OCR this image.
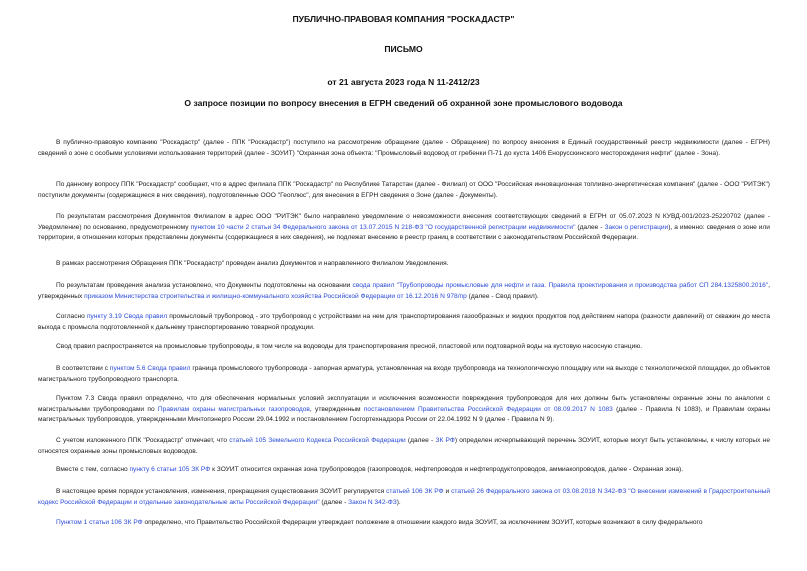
ПУБЛИЧНО-ПРАВОВАЯ КОМПАНИЯ "РОСКАДАСТР"
ПИСЬМО
от 21 августа 2023 года N 11-2412/23
О запросе позиции по вопросу внесения в ЕГРН сведений об охранной зоне промыслового водовода

В публично-правовую компанию "Роскадастр" (далее - ППК "Роскадастр") поступило на рассмотрение обращение (далее - Обращение) по вопросу внесения в Единый государственный реестр недвижимости (далее - ЕГРН) сведений о зоне с особыми условиями использования территорий (далее - ЗОУИТ) "Охранная зона объекта: "Промысловый водовод от гребенки П-71 до куста 1406 Енорусскинского месторождения нефти" (далее - Зона).

По данному вопросу ППК "Роскадастр" сообщает, что в адрес филиала ППК "Роскадастр" по Республике Татарстан (далее - Филиал) от ООО "Российская инновационная топливно-энергетическая компания" (далее - ООО "РИТЭК") поступили документы (содержащиеся в них сведения), подготовленные ООО "Геоплюс", для внесения в ЕГРН сведения о Зоне (далее - Документы).

По результатам рассмотрения Документов Филиалом в адрес ООО "РИТЭК" было направлено уведомление о невозможности внесения соответствующих сведений в ЕГРН от 05.07.2023 N КУВД-001/2023-25220702 (далее - Уведомление) по основанию, предусмотренному пунктом 10 части 2 статьи 34 Федерального закона от 13.07.2015 N 218-ФЗ "О государственной регистрации недвижимости" (далее - Закон о регистрации), а именно: сведения о зоне или территории, в отношении которых представлены документы (содержащиеся в них сведения), не подлежат внесению в реестр границ в соответствии с законодательством Российской Федерации.

В рамках рассмотрения Обращения ППК "Роскадастр" проведен анализ Документов и направленного Филиалом Уведомления.

По результатам проведения анализа установлено, что Документы подготовлены на основании свода правил "Трубопроводы промысловые для нефти и газа. Правила проектирования и производства работ СП 284.1325800.2016", утвержденных приказом Министерства строительства и жилищно-коммунального хозяйства Российской Федерации от 16.12.2016 N 978/пр (далее - Свод правил).

Согласно пункту 3.19 Свода правил промысловый трубопровод - это трубопровод с устройствами на нем для транспортирования газообразных и жидких продуктов под действием напора (разности давлений) от скважин до места выхода с промысла подготовленной к дальнему транспортированию товарной продукции.

Свод правил распространяется на промысловые трубопроводы, в том числе на водоводы для транспортирования пресной, пластовой или подтоварной воды на кустовую насосную станцию.

В соответствии с пунктом 5.6 Свода правил граница промыслового трубопровода - запорная арматура, установленная на входе трубопровода на технологическую площадку или на выходе с технологической площадки, до объектов магистрального трубопроводного транспорта.

Пунктом 7.3 Свода правил определено, что для обеспечения нормальных условий эксплуатации и исключения возможности повреждения трубопроводов для них должны быть установлены охранные зоны по аналогии с магистральными трубопроводами по Правилам охраны магистральных газопроводов, утвержденным постановлением Правительства Российской Федерации от 08.09.2017 N 1083 (далее - Правила N 1083), и Правилам охраны магистральных трубопроводов, утвержденными Минтопэнерго России 29.04.1992 и постановлением Госгортехнадзора России от 22.04.1992 N 9 (далее - Правила N 9).

С учетом изложенного ППК "Роскадастр" отмечает, что статьей 105 Земельного Кодекса Российской Федерации (далее - ЗК РФ) определен исчерпывающий перечень ЗОУИТ, которые могут быть установлены, к числу которых не относятся охранные зоны промысловых водоводов.

Вместе с тем, согласно пункту 6 статьи 105 ЗК РФ к ЗОУИТ относится охранная зона трубопроводов (газопроводов, нефтепроводов и нефтепродуктопроводов, аммиакопроводов, далее - Охранная зона).

В настоящее время порядок установления, изменения, прекращения существования ЗОУИТ регулируется статьей 106 ЗК РФ и статьей 26 Федерального закона от 03.08.2018 N 342-ФЗ "О внесении изменений в Градостроительный кодекс Российской Федерации и отдельные законодательные акты Российской Федерации" (далее - Закон N 342-ФЗ).

Пунктом 1 статьи 106 ЗК РФ определено, что Правительство Российской Федерации утверждает положение в отношении каждого вида ЗОУИТ, за исключением ЗОУИТ, которые возникают в силу федерального
